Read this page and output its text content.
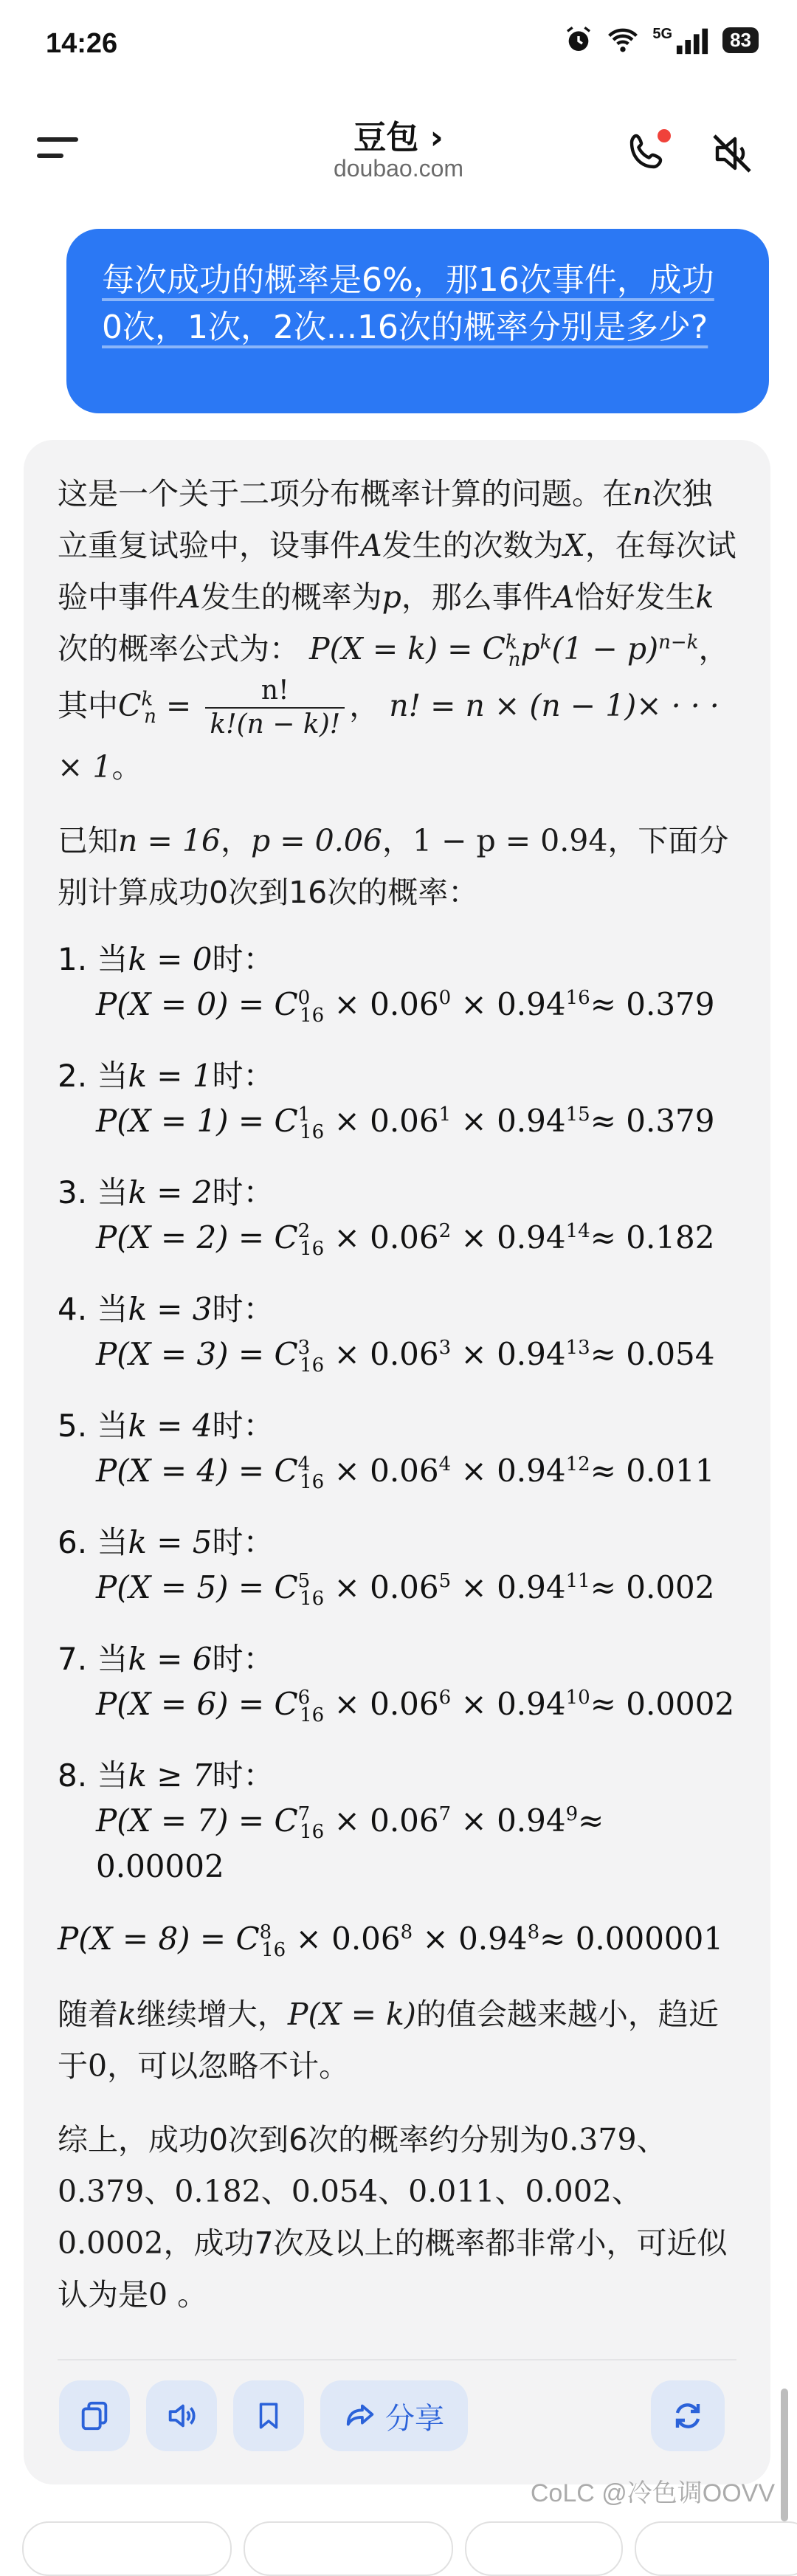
14:26	5G	83
豆包 ›
doubao.com
每次成功的概率是6%，那16次事件，成功0次，1次，2次...16次的概率分别是多少?

这是一个关于二项分布概率计算的问题。在n次独立重复试验中，设事件A发生的次数为X，在每次试验中事件A发生的概率为p，那么事件A恰好发生k次的概率公式为： $P(X = k) = C^k_np^k(1 - p)^{n-k}$，其中$C^k_n = \frac{n!}{k!(n - k)!}$ ， n! = n × (n − 1)× · · · × 1。

已知n = 16，p = 0.06，1 − p = 0.94，下面分别计算成功0次到16次的概率：

1. 当k = 0时：

$P(X = 0) = C^0_{16} \times 0.06^0 \times 0.94^{16}\approx 0.379$

2. 当k = 1时：

$P(X = 1) = C^1_{16} \times 0.06^1 \times 0.94^{15}\approx 0.379$

3. 当k = 2时：

$P(X = 2) = C^2_{16} \times 0.06^2 \times 0.94^{14}\approx 0.182$

4. 当k = 3时：

$P(X = 3) = C^3_{16} \times 0.06^3 \times 0.94^{13}\approx 0.054$

5. 当k = 4时：

$P(X = 4) = C^4_{16} \times 0.06^4 \times 0.94^{12}\approx 0.011$

6. 当k = 5时：

$P(X = 5) = C^5_{16} \times 0.06^5 \times 0.94^{11}\approx 0.002$

7. 当k = 6时：

$P(X = 6) = C^6_{16} \times 0.06^6 \times 0.94^{10}\approx 0.0002$

8. 当k ≥ 7时：

$P(X = 7) = C^7_{16} \times 0.06^7 \times 0.94^9\approx 0.00002$

$P(X = 8) = C^8_{16} \times 0.06^8 \times 0.94^8\approx 0.000001$

随着k继续增大，P(X = k)的值会越来越小，趋近于0，可以忽略不计。

综上，成功0次到6次的概率约分别为0.379、0.379、0.182、0.054、0.011、0.002、0.0002，成功7次及以上的概率都非常小，可近似认为是0 。

分享
CoLC @冷色调OOVV
